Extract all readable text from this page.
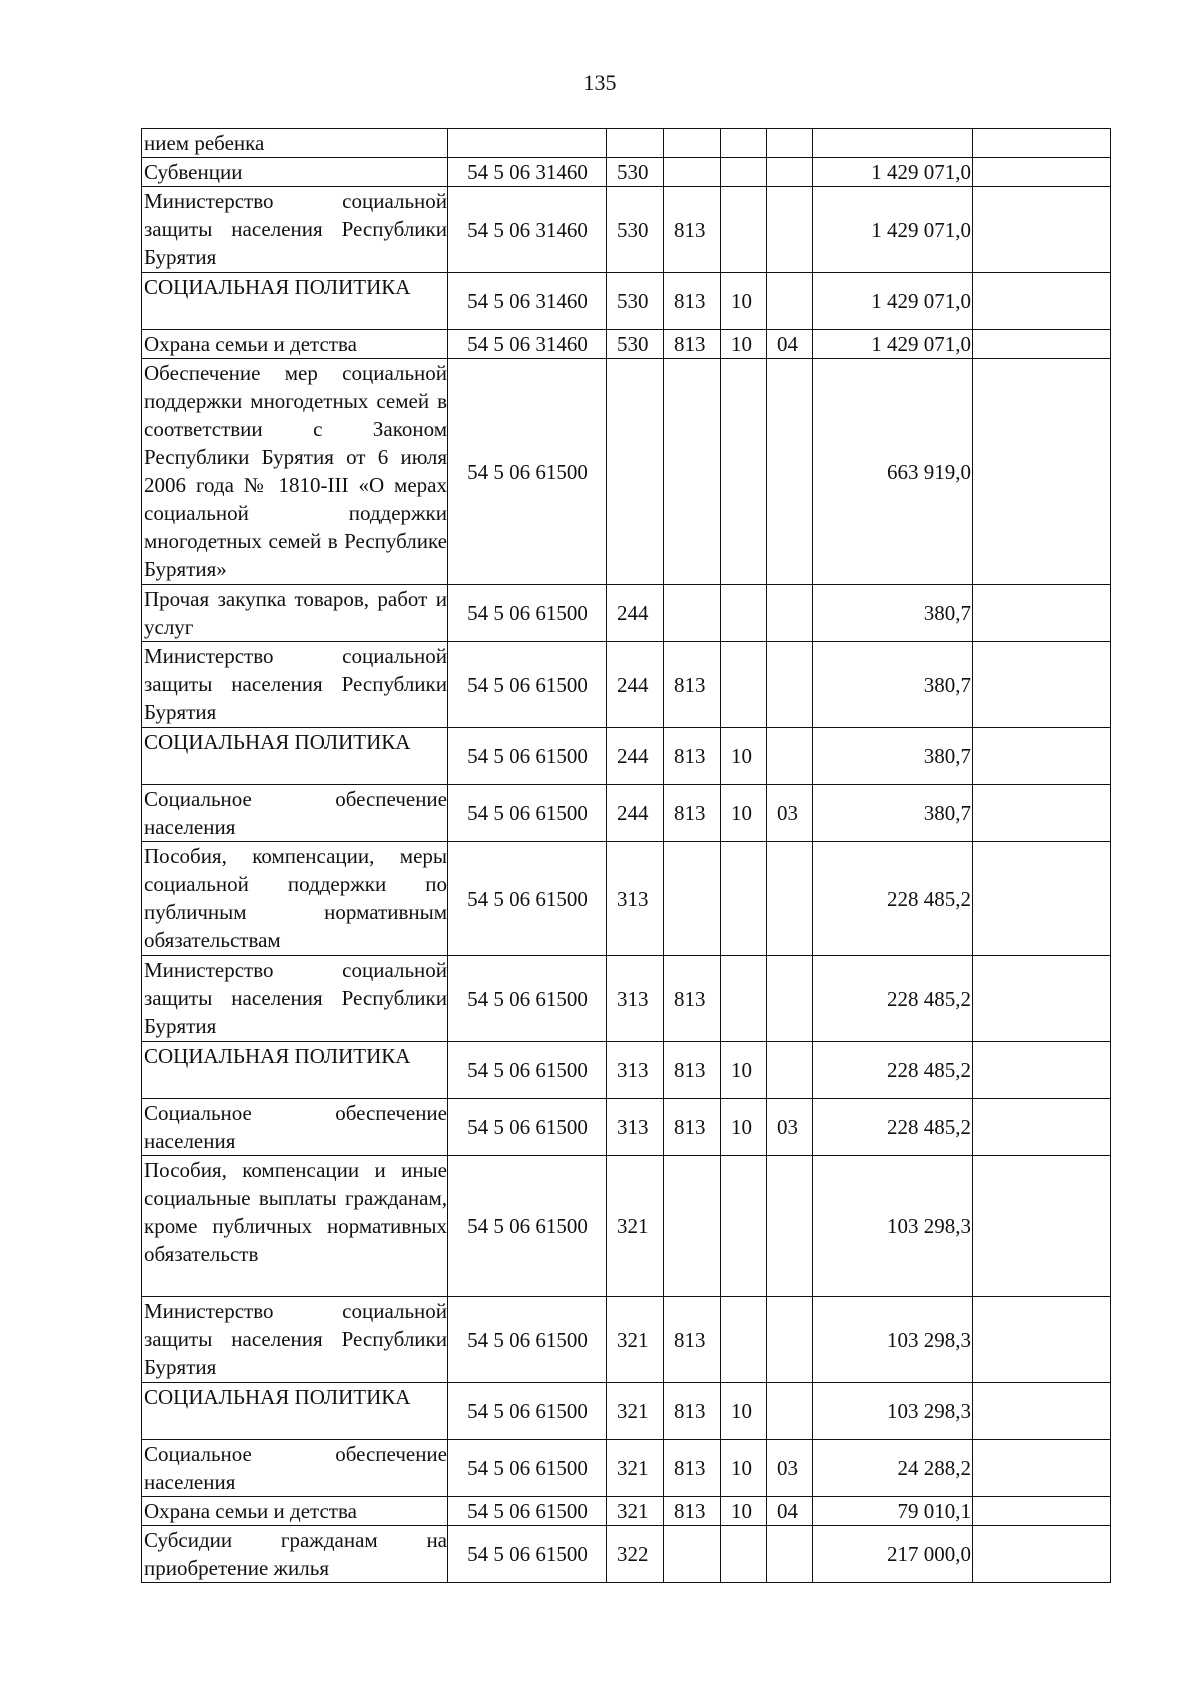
135
нием ребенка							
Субвенции	54 5 06 31460	530				1 429 071,0	
Министерство социальной защиты населения Республики Бурятия	54 5 06 31460	530	813			1 429 071,0	
СОЦИАЛЬНАЯ ПОЛИТИКА	54 5 06 31460	530	813	10		1 429 071,0	
Охрана семьи и детства	54 5 06 31460	530	813	10	04	1 429 071,0	
Обеспечение мер социальной поддержки многодетных семей в соответствии с Законом Республики Бурятия от 6 июля 2006 года № 1810-III «О мерах социальной поддержки многодетных семей в Республике Бурятия»	54 5 06 61500					663 919,0	
Прочая закупка товаров, работ и услуг	54 5 06 61500	244				380,7	
Министерство социальной защиты населения Республики Бурятия	54 5 06 61500	244	813			380,7	
СОЦИАЛЬНАЯ ПОЛИТИКА	54 5 06 61500	244	813	10		380,7	
Социальное обеспечение населения	54 5 06 61500	244	813	10	03	380,7	
Пособия, компенсации, меры социальной поддержки по публичным нормативным обязательствам	54 5 06 61500	313				228 485,2	
Министерство социальной защиты населения Республики Бурятия	54 5 06 61500	313	813			228 485,2	
СОЦИАЛЬНАЯ ПОЛИТИКА	54 5 06 61500	313	813	10		228 485,2	
Социальное обеспечение населения	54 5 06 61500	313	813	10	03	228 485,2	
Пособия, компенсации и иные социальные выплаты гражданам, кроме публичных нормативных обязательств	54 5 06 61500	321				103 298,3	
Министерство социальной защиты населения Республики Бурятия	54 5 06 61500	321	813			103 298,3	
СОЦИАЛЬНАЯ ПОЛИТИКА	54 5 06 61500	321	813	10		103 298,3	
Социальное обеспечение населения	54 5 06 61500	321	813	10	03	24 288,2	
Охрана семьи и детства	54 5 06 61500	321	813	10	04	79 010,1	
Субсидии гражданам на приобретение жилья	54 5 06 61500	322				217 000,0	
